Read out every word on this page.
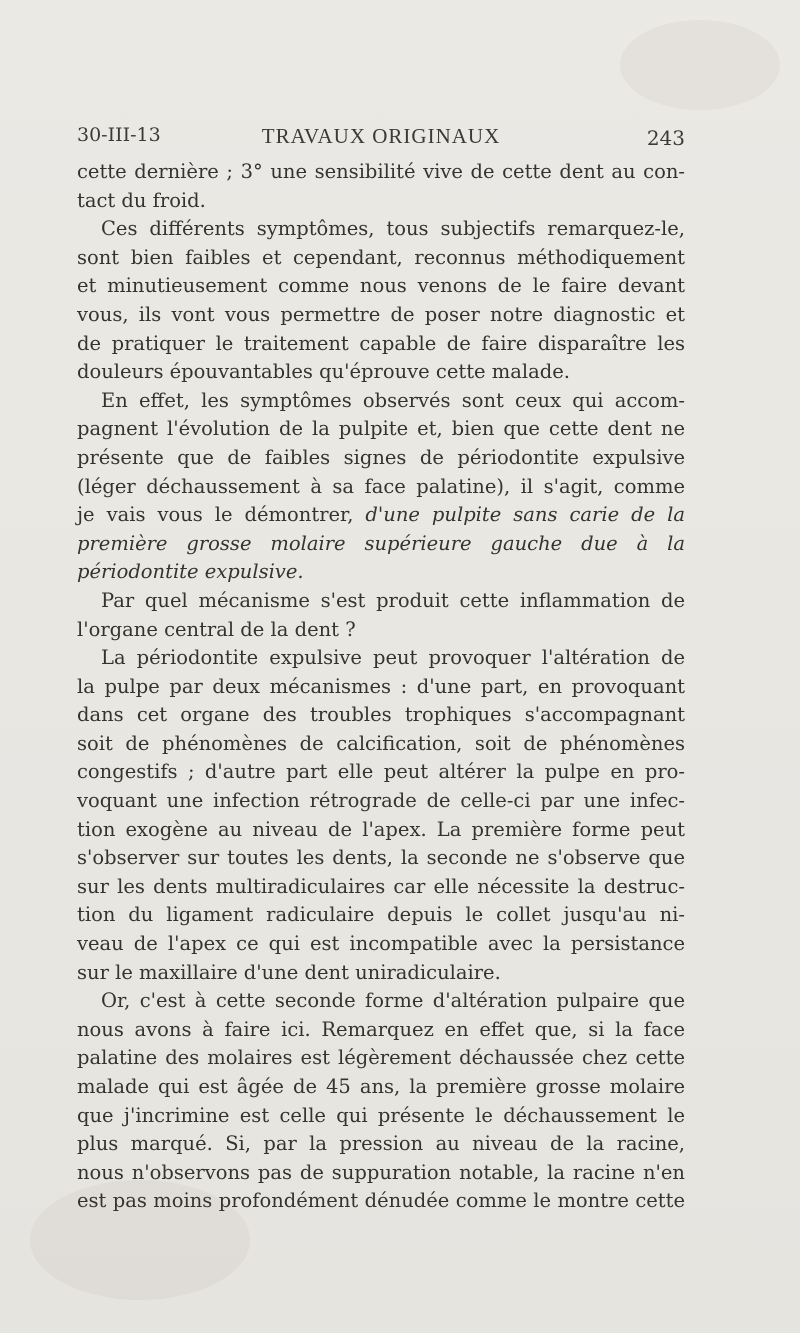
30-III-13	TRAVAUX ORIGINAUX	243

cette dernière ; 3° une sensibilité vive de cette dent au con-

tact du froid.

Ces différents symptômes, tous subjectifs remarquez-le,

sont bien faibles et cependant, reconnus méthodiquement

et minutieusement comme nous venons de le faire devant

vous, ils vont vous permettre de poser notre diagnostic et

de pratiquer le traitement capable de faire disparaître les

douleurs épouvantables qu'éprouve cette malade.

En effet, les symptômes observés sont ceux qui accom-

pagnent l'évolution de la pulpite et, bien que cette dent ne

présente que de faibles signes de périodontite expulsive

(léger déchaussement à sa face palatine), il s'agit, comme

je vais vous le démontrer, d'une pulpite sans carie de la

première grosse molaire supérieure gauche due à la

périodontite expulsive.

Par quel mécanisme s'est produit cette inflammation de

l'organe central de la dent ?

La périodontite expulsive peut provoquer l'altération de

la pulpe par deux mécanismes : d'une part, en provoquant

dans cet organe des troubles trophiques s'accompagnant

soit de phénomènes de calcification, soit de phénomènes

congestifs ; d'autre part elle peut altérer la pulpe en pro-

voquant une infection rétrograde de celle-ci par une infec-

tion exogène au niveau de l'apex. La première forme peut

s'observer sur toutes les dents, la seconde ne s'observe que

sur les dents multiradiculaires car elle nécessite la destruc-

tion du ligament radiculaire depuis le collet jusqu'au ni-

veau de l'apex ce qui est incompatible avec la persistance

sur le maxillaire d'une dent uniradiculaire.

Or, c'est à cette seconde forme d'altération pulpaire que

nous avons à faire ici. Remarquez en effet que, si la face

palatine des molaires est légèrement déchaussée chez cette

malade qui est âgée de 45 ans, la première grosse molaire

que j'incrimine est celle qui présente le déchaussement le

plus marqué. Si, par la pression au niveau de la racine,

nous n'observons pas de suppuration notable, la racine n'en

est pas moins profondément dénudée comme le montre cette
